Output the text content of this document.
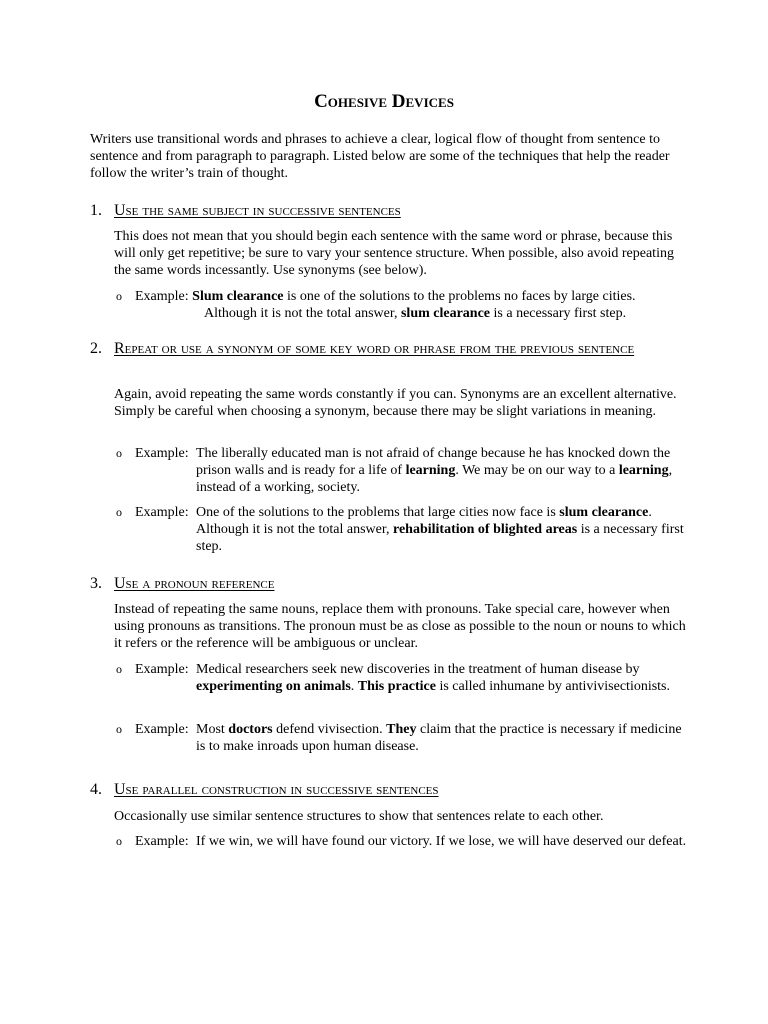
Cohesive Devices
Writers use transitional words and phrases to achieve a clear, logical flow of thought from sentence to sentence and from paragraph to paragraph. Listed below are some of the techniques that help the reader follow the writer’s train of thought.
1. Use the same subject in successive sentences
This does not mean that you should begin each sentence with the same word or phrase, because this will only get repetitive; be sure to vary your sentence structure. When possible, also avoid repeating the same words incessantly. Use synonyms (see below).
o Example: Slum clearance is one of the solutions to the problems no faces by large cities.
Although it is not the total answer, slum clearance is a necessary first step.
2. Repeat or use a synonym of some key word or phrase from the previous sentence
Again, avoid repeating the same words constantly if you can. Synonyms are an excellent alternative. Simply be careful when choosing a synonym, because there may be slight variations in meaning.
o Example: The liberally educated man is not afraid of change because he has knocked down the prison walls and is ready for a life of learning. We may be on our way to a learning, instead of a working, society.
o Example: One of the solutions to the problems that large cities now face is slum clearance. Although it is not the total answer, rehabilitation of blighted areas is a necessary first step.
3. Use a pronoun reference
Instead of repeating the same nouns, replace them with pronouns. Take special care, however when using pronouns as transitions. The pronoun must be as close as possible to the noun or nouns to which it refers or the reference will be ambiguous or unclear.
o Example: Medical researchers seek new discoveries in the treatment of human disease by experimenting on animals. This practice is called inhumane by antivivisectionists.
o Example: Most doctors defend vivisection. They claim that the practice is necessary if medicine is to make inroads upon human disease.
4. Use parallel construction in successive sentences
Occasionally use similar sentence structures to show that sentences relate to each other.
o Example: If we win, we will have found our victory. If we lose, we will have deserved our defeat.
